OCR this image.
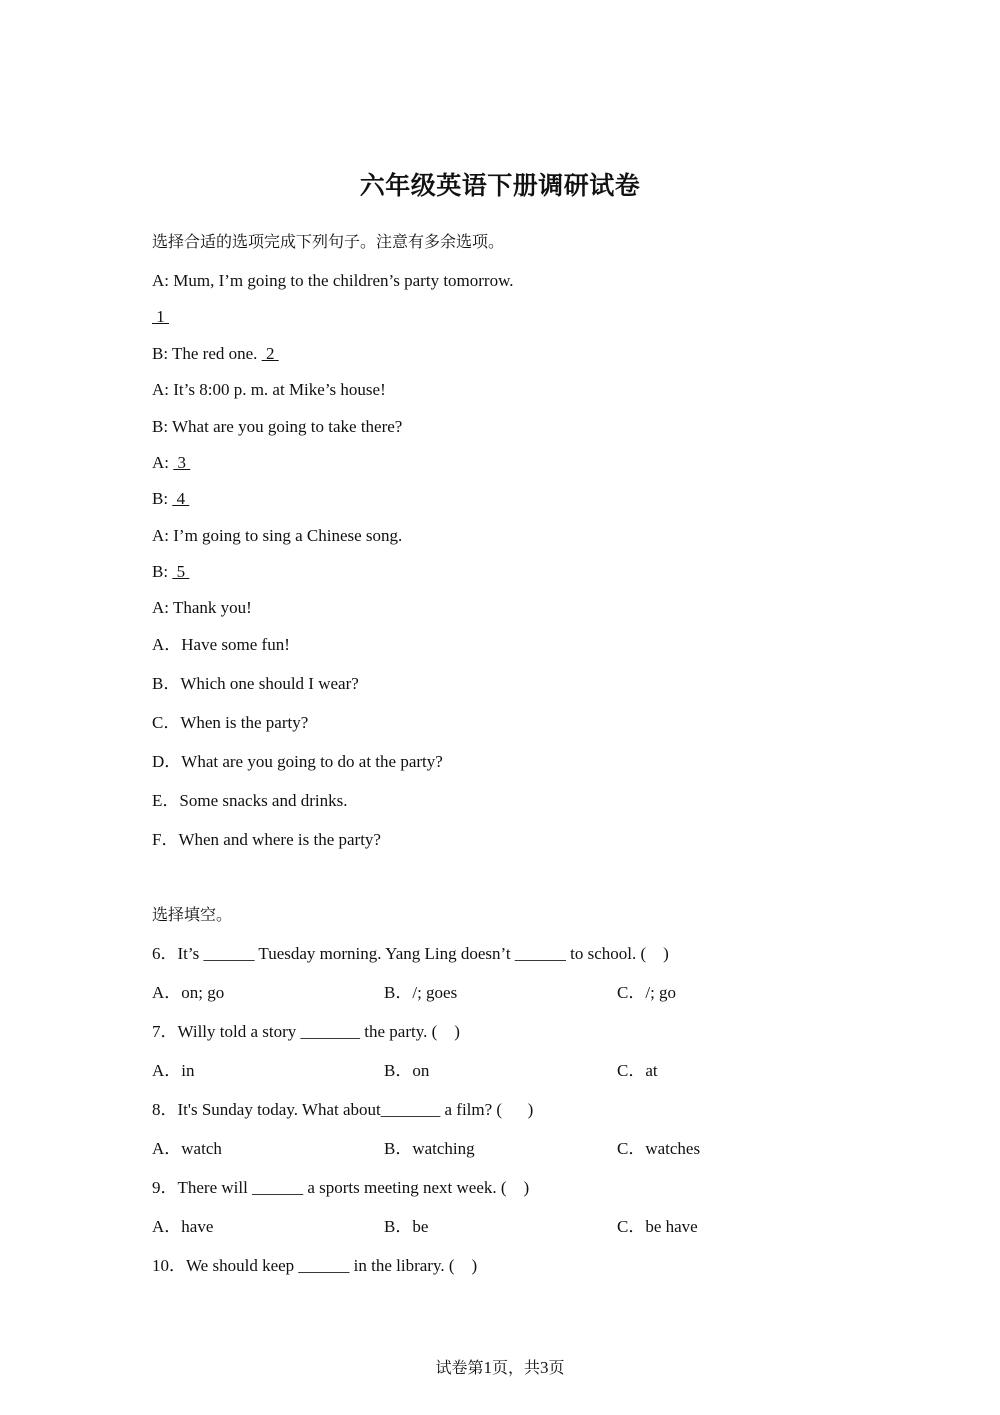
六年级英语下册调研试卷
选择合适的选项完成下列句子。注意有多余选项。
A: Mum, I’m going to the children’s party tomorrow.
1
B: The red one.  2
A: It’s 8:00 p. m. at Mike’s house!
B: What are you going to take there?
A:  3
B:  4
A: I’m going to sing a Chinese song.
B:  5
A: Thank you!
A．Have some fun!
B．Which one should I wear?
C．When is the party?
D．What are you going to do at the party?
E．Some snacks and drinks.
F．When and where is the party?
选择填空。
6．It’s ______ Tuesday morning. Yang Ling doesn’t ______ to school. (    )
A．on; go	B．/; goes	C．/; go
7．Willy told a story _______ the party. (    )
A．in	B．on	C．at
8．It's Sunday today. What about_______ a film? (      )
A．watch	B．watching	C．watches
9．There will ______ a sports meeting next week. (    )
A．have	B．be	C．be have
10．We should keep ______ in the library. (    )
试卷第1页，共3页
